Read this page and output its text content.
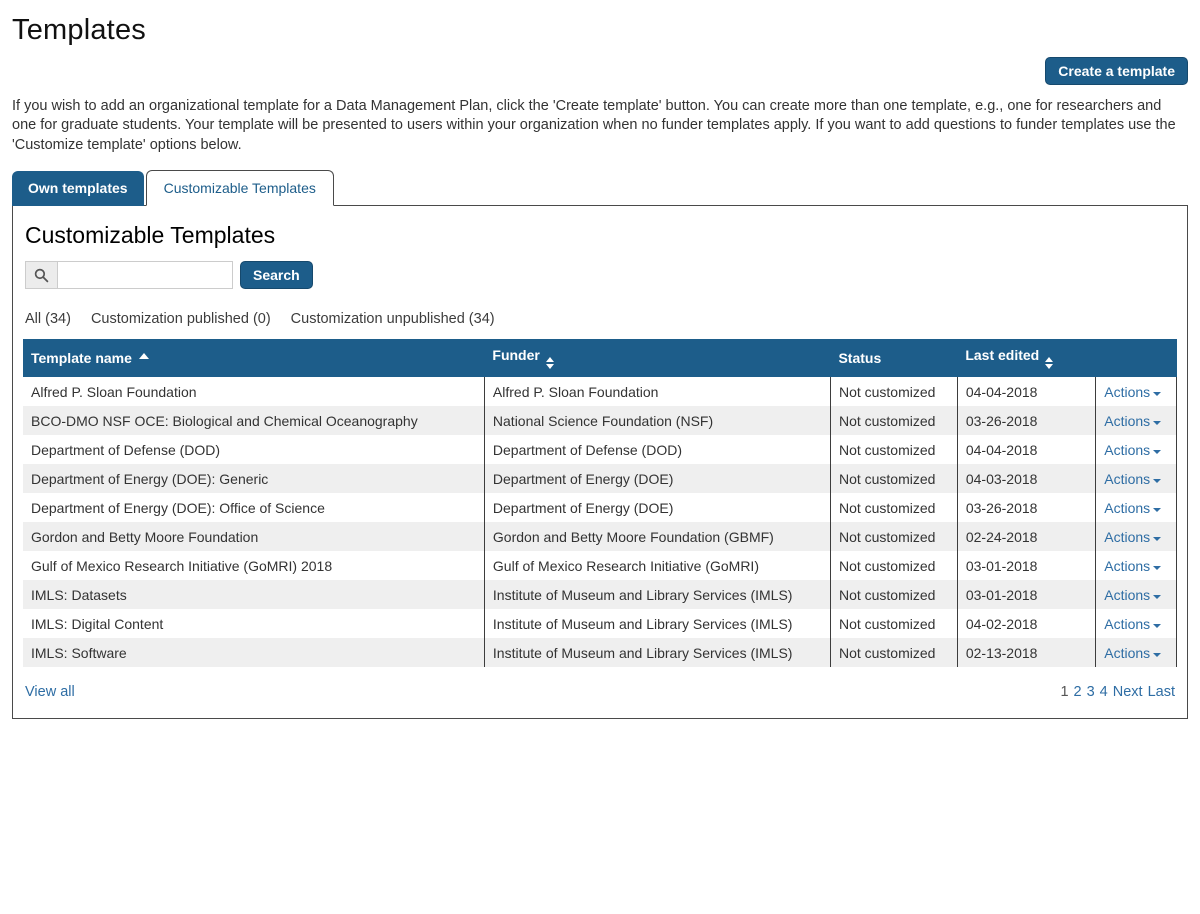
Templates
Create a template

If you wish to add an organizational template for a Data Management Plan, click the 'Create template' button. You can create more than one template, e.g., one for researchers and one for graduate students. Your template will be presented to users within your organization when no funder templates apply. If you want to add questions to funder templates use the 'Customize template' options below.

Own templates	Customizable Templates
Customizable Templates
Search
All (34) Customization published (0) Customization unpublished (34)
Template name	Funder	Status	Last edited

Alfred P. Sloan Foundation	Alfred P. Sloan Foundation	Not customized	04-04-2018	Actions
BCO-DMO NSF OCE: Biological and Chemical Oceanography	National Science Foundation (NSF)	Not customized	03-26-2018	Actions
Department of Defense (DOD)	Department of Defense (DOD)	Not customized	04-04-2018	Actions
Department of Energy (DOE): Generic	Department of Energy (DOE)	Not customized	04-03-2018	Actions
Department of Energy (DOE): Office of Science	Department of Energy (DOE)	Not customized	03-26-2018	Actions
Gordon and Betty Moore Foundation	Gordon and Betty Moore Foundation (GBMF)	Not customized	02-24-2018	Actions
Gulf of Mexico Research Initiative (GoMRI) 2018	Gulf of Mexico Research Initiative (GoMRI)	Not customized	03-01-2018	Actions
IMLS: Datasets	Institute of Museum and Library Services (IMLS)	Not customized	03-01-2018	Actions
IMLS: Digital Content	Institute of Museum and Library Services (IMLS)	Not customized	04-02-2018	Actions
IMLS: Software	Institute of Museum and Library Services (IMLS)	Not customized	02-13-2018	Actions
View all	1 2 3 4 Next Last
